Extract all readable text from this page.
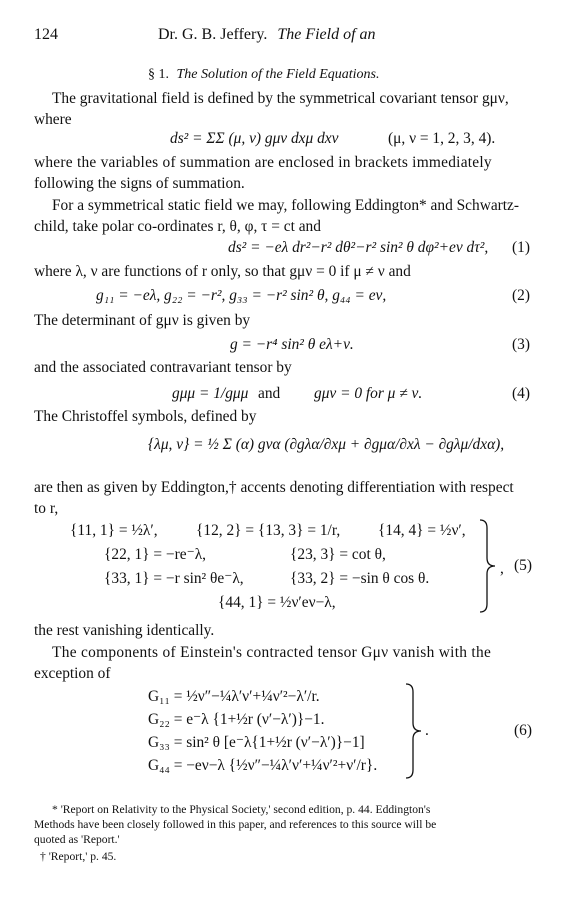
124	Dr. G. B. Jeffery. The Field of an
§ 1. The Solution of the Field Equations.
The gravitational field is defined by the symmetrical covariant tensor gμν,
where
ds² = ΣΣ (μ, ν) gμν dxμ dxν	(μ, ν = 1, 2, 3, 4).
where the variables of summation are enclosed in brackets immediately
following the signs of summation.
For a symmetrical static field we may, following Eddington* and Schwartz-
child, take polar co-ordinates r, θ, φ, τ = ct and
ds² = −eλ dr²−r² dθ²−r² sin² θ dφ²+eν dτ², (1)
where λ, ν are functions of r only, so that gμν = 0 if μ ≠ ν and
g₁₁ = −eλ, g₂₂ = −r², g₃₃ = −r² sin² θ, g₄₄ = eν,	(2)
The determinant of gμν is given by
g = −r⁴ sin² θ eλ+ν.	(3)
and the associated contravariant tensor by
gμμ = 1/gμμ and gμν = 0 for μ ≠ ν.	(4)
The Christoffel symbols, defined by
{λμ, ν} = ½ Σ (α) gνα (∂gλα/∂xμ + ∂gμα/∂xλ − ∂gλμ/dxα),
are then as given by Eddington,† accents denoting differentiation with respect
to r,
{11, 1} = ½λ′, {12, 2} = {13, 3} = 1/r, {14, 4} = ½ν′,
{22, 1} = −re⁻λ,	{23, 3} = cot θ,
{33, 1} = −r sin² θe⁻λ,	{33, 2} = −sin θ cos θ.
{44, 1} = ½ν′eν−λ,
, (5)
the rest vanishing identically.
The components of Einstein's contracted tensor Gμν vanish with the
exception of
G₁₁ = ½ν″−¼λ′ν′+¼ν′²−λ′/r.
G₂₂ = e⁻λ {1+½r (ν′−λ′)}−1.
G₃₃ = sin² θ [e⁻λ{1+½r (ν′−λ′)}−1]
G₄₄ = −eν−λ {½ν″−¼λ′ν′+¼ν′²+ν′/r}.
.	(6)
* 'Report on Relativity to the Physical Society,' second edition, p. 44. Eddington's
Methods have been closely followed in this paper, and references to this source will be
quoted as 'Report.'
† 'Report,' p. 45.
